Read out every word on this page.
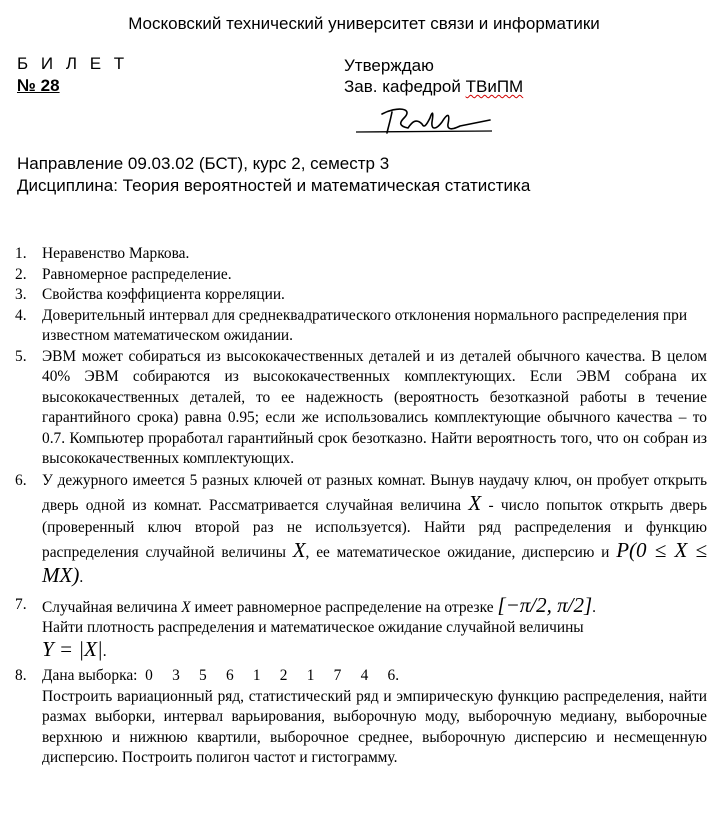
Московский технический университет связи и информатики
Б И Л Е Т
№ 28
Утверждаю
Зав. кафедрой ТВиПМ
Направление 09.03.02 (БСТ), курс 2, семестр 3
Дисциплина: Теория вероятностей и математическая статистика
1. Неравенство Маркова.
2. Равномерное распределение.
3. Свойства коэффициента корреляции.
4. Доверительный интервал для среднеквадратического отклонения нормального распределения при известном математическом ожидании.
5. ЭВМ может собираться из высококачественных деталей и из деталей обычного качества. В целом 40% ЭВМ собираются из высококачественных комплектующих. Если ЭВМ собрана их высококачественных деталей, то ее надежность (вероятность безотказной работы в течение гарантийного срока) равна 0.95; если же использовались комплектующие обычного качества – то 0.7. Компьютер проработал гарантийный срок безотказно. Найти вероятность того, что он собран из высококачественных комплектующих.
6. У дежурного имеется 5 разных ключей от разных комнат. Вынув наудачу ключ, он пробует открыть дверь одной из комнат. Рассматривается случайная величина X - число попыток открыть дверь (проверенный ключ второй раз не используется). Найти ряд распределения и функцию распределения случайной величины X, ее математическое ожидание, дисперсию и P(0 ≤ X ≤ MX).
7. Случайная величина X имеет равномерное распределение на отрезке [−π/2, π/2].
Найти плотность распределения и математическое ожидание случайной величины
Y = |X|.
8. Дана выборка: 0     3     5     6     1     2     1     7     4     6.
Построить вариационный ряд, статистический ряд и эмпирическую функцию распределения, найти размах выборки, интервал варьирования, выборочную моду, выборочную медиану, выборочные верхнюю и нижнюю квартили, выборочное среднее, выборочную дисперсию и несмещенную дисперсию. Построить полигон частот и гистограмму.
